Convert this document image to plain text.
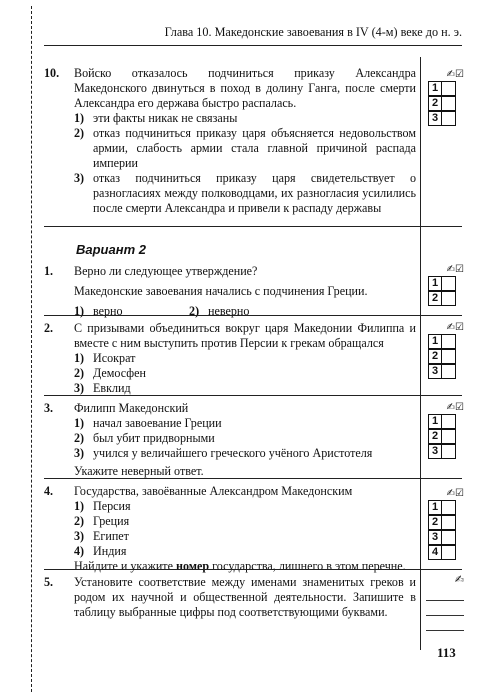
Глава 10. Македонские завоевания в IV (4-м) веке до н. э.
10. Войско отказалось подчиниться приказу Александра Македонского двинуться в поход в долину Ганга, после смерти Александра его держава быстро распалась.
1) эти факты никак не связаны
2) отказ подчиниться приказу царя объясняется недовольством армии, слабость армии стала главной причиной распада империи
3) отказ подчиниться приказу царя свидетельствует о разногласиях между полководцами, их разногласия усилились после смерти Александра и привели к распаду державы
✍☑
1
2
3
Вариант 2
1. Верно ли следующее утверждение?
Македонские завоевания начались с подчинения Греции.
1) верно	2) неверно
✍☑
1
2
2. С призывами объединиться вокруг царя Македонии Филиппа и вместе с ним выступить против Персии к грекам обращался
1) Исократ
2) Демосфен
3) Евклид
✍☑
1
2
3
3. Филипп Македонский
1) начал завоевание Греции
2) был убит придворными
3) учился у величайшего греческого учёного Аристотеля
Укажите неверный ответ.
✍☑
1
2
3
4. Государства, завоёванные Александром Македонским
1) Персия
2) Греция
3) Египет
4) Индия
Найдите и укажите номер государства, лишнего в этом перечне.
✍☑
1
2
3
4
5. Установите соответствие между именами знаменитых греков и родом их научной и общественной деятельности. Запишите в таблицу выбранные цифры под соответствующими буквами.
✍
113
